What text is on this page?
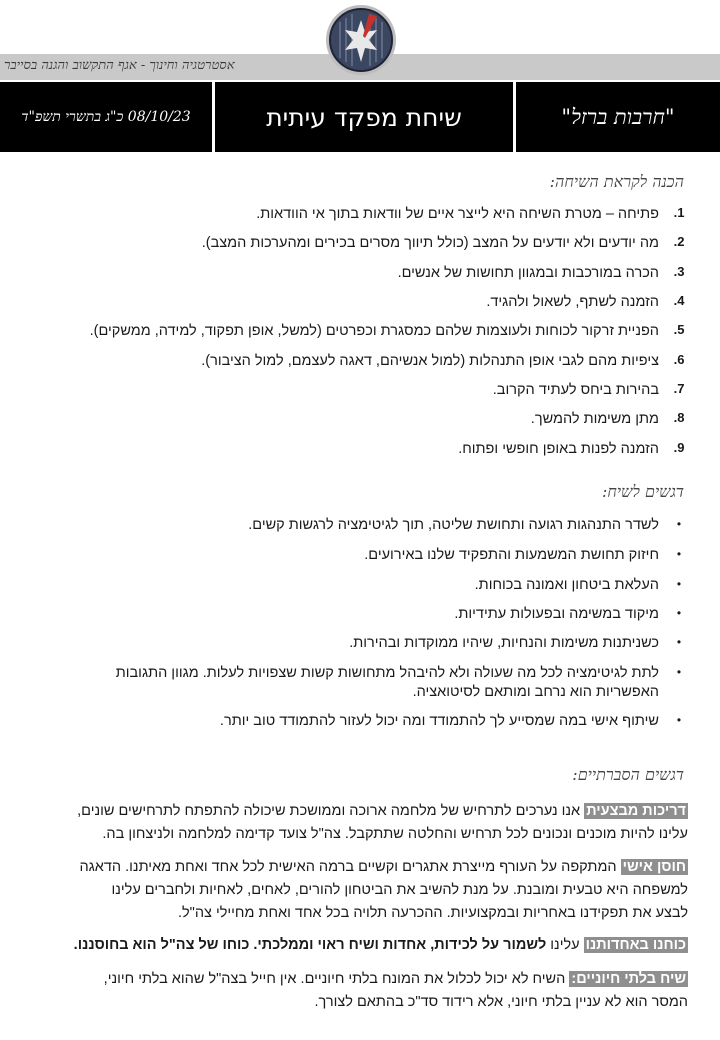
אסטרטגיה וחינוך - אגף התקשוב והגנה בסייבר
08/10/23 כ"ג בתשרי תשפ"ד	שיחת מפקד עיתית	"חרבות ברזל"
הכנה לקראת השיחה:
1.
פתיחה – מטרת השיחה היא לייצר איים של וודאות בתוך אי הוודאות.
2.
מה יודעים ולא יודעים על המצב (כולל תיווך מסרים בכירים ומהערכות המצב).
3.
הכרה במורכבות ובמגוון תחושות של אנשים.
4.
הזמנה לשתף, לשאול ולהגיד.
5.
הפניית זרקור לכוחות ולעוצמות שלהם כמסגרת וכפרטים (למשל, אופן תפקוד, למידה, ממשקים).
6.
ציפיות מהם לגבי אופן התנהלות (למול אנשיהם, דאגה לעצמם, למול הציבור).
7.
בהירות ביחס לעתיד הקרוב.
8.
מתן משימות להמשך.
9.
הזמנה לפנות באופן חופשי ופתוח.
דגשים לשיח:
•
לשדר התנהגות רגועה ותחושת שליטה, תוך לגיטימציה לרגשות קשים.
•
חיזוק תחושת המשמעות והתפקיד שלנו באירועים.
•
העלאת ביטחון ואמונה בכוחות.
•
מיקוד במשימה ובפעולות עתידיות.
•
כשניתנות משימות והנחיות, שיהיו ממוקדות ובהירות.
•
לתת לגיטימציה לכל מה שעולה ולא להיבהל מתחושות קשות שצפויות לעלות. מגוון התגובות
האפשריות הוא נרחב ומותאם לסיטואציה.
•
שיתוף אישי במה שמסייע לך להתמודד ומה יכול לעזור להתמודד טוב יותר.
דגשים הסברתיים:
דריכות מבצעית אנו נערכים לתרחיש של מלחמה ארוכה וממושכת שיכולה להתפתח לתרחישים שונים,
עלינו להיות מוכנים ונכונים לכל תרחיש והחלטה שתתקבל. צה"ל צועד קדימה למלחמה ולניצחון בה.
חוסן אישי המתקפה על העורף מייצרת אתגרים וקשיים ברמה האישית לכל אחד ואחת מאיתנו. הדאגה
למשפחה היא טבעית ומובנת. על מנת להשיב את הביטחון להורים, לאחים, לאחיות ולחברים עלינו
לבצע את תפקידנו באחריות ובמקצועיות. ההכרעה תלויה בכל אחד ואחת מחיילי צה"ל.
כוחנו באחדותנו עלינו לשמור על לכידות, אחדות ושיח ראוי וממלכתי. כוחו של צה"ל הוא בחוסננו.
שיח בלתי חיוניים: השיח לא יכול לכלול את המונח בלתי חיוניים. אין חייל בצה"ל שהוא בלתי חיוני,
המסר הוא לא עניין בלתי חיוני, אלא רידוד סד"כ בהתאם לצורך.
